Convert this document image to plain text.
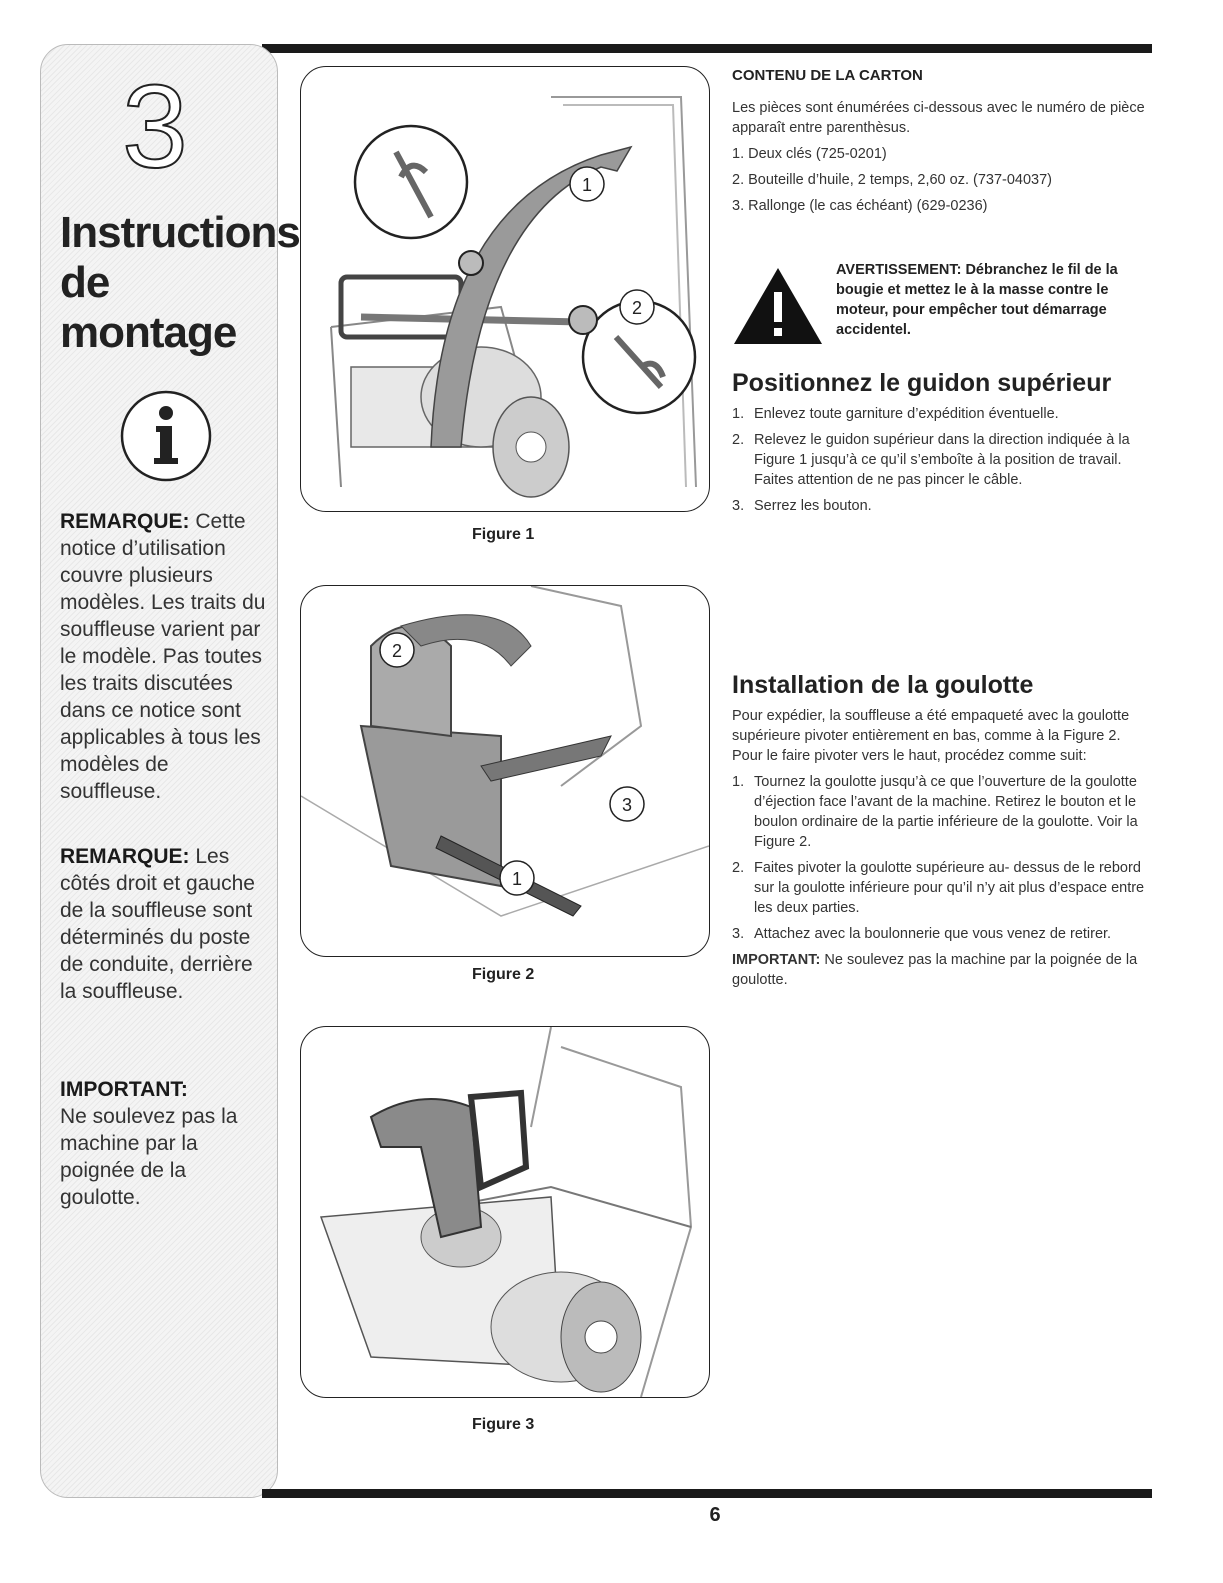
3
Instructions
de montage
REMARQUE: Cette notice d’utilisation couvre plusieurs modèles. Les traits du souffleuse varient par le modèle. Pas toutes les traits discutées dans ce notice sont applicables à tous les modèles de souffleuse.
REMARQUE: Les côtés droit et gauche de la souffleuse sont déterminés du poste de conduite, derrière la souffleuse.
IMPORTANT:
Ne soulevez pas la machine par la poignée de la goulotte.
1
2
Figure 1
2
3
1
Figure 2
Figure 3
CONTENU DE LA CARTON
Les pièces sont énumérées ci-dessous avec le numéro de pièce apparaît entre parenthèsus.
1. Deux clés (725-0201)
2. Bouteille d’huile, 2 temps, 2,60 oz. (737-04037)
3. Rallonge (le cas échéant) (629-0236)
AVERTISSEMENT: Débranchez le fil de la bougie et mettez le à la masse contre le moteur, pour empêcher tout démarrage accidentel.
Positionnez le guidon supérieur
1. Enlevez toute garniture d’expédition éventuelle.
2. Relevez le guidon supérieur dans la direction indiquée à la Figure 1 jusqu’à ce qu’il s’emboîte à la position de travail. Faites attention de ne pas pincer le câble.
3. Serrez les bouton.
Installation de la goulotte
Pour expédier, la souffleuse a été empaqueté avec la goulotte supérieure pivoter entièrement en bas, comme à la Figure 2. Pour le faire pivoter vers le haut, procédez comme suit:
1. Tournez la goulotte jusqu’à ce que l’ouverture de la goulotte d’éjection face l’avant de la machine. Retirez le bouton et le boulon ordinaire de la partie inférieure de la goulotte. Voir la Figure 2.
2. Faites pivoter la goulotte supérieure au- dessus de le rebord sur la goulotte inférieure pour qu’il n’y ait plus d’espace entre les deux parties.
3. Attachez avec la boulonnerie que vous venez de retirer.
IMPORTANT: Ne soulevez pas la machine par la poignée de la goulotte.
6
